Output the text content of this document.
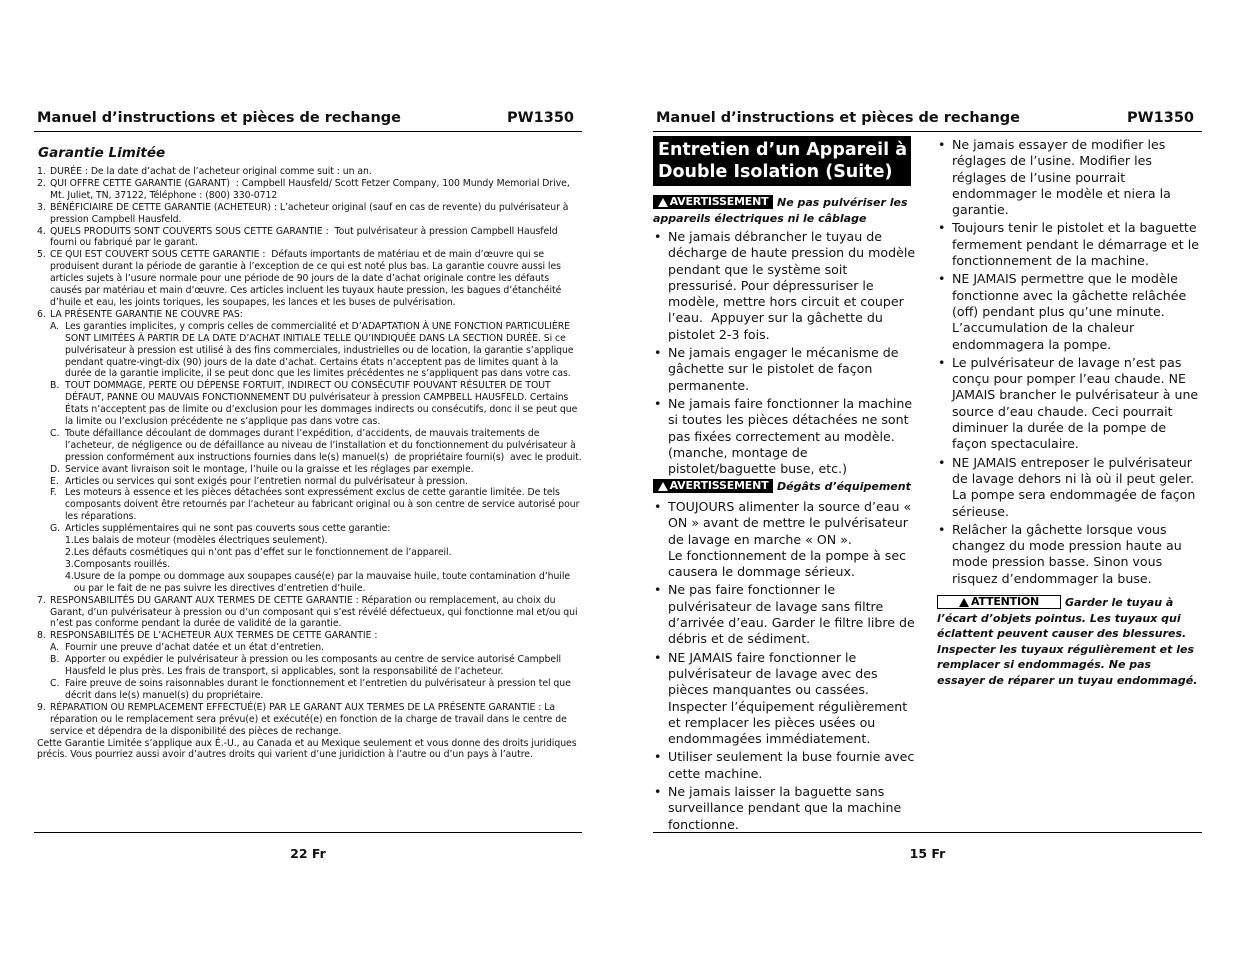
Manuel d’instructions et pièces de rechange	PW1350
Garantie Limitée
1. DURÉE : De la date d’achat de l’acheteur original comme suit : un an.
2. QUI OFFRE CETTE GARANTIE (GARANT)  : Campbell Hausfeld/ Scott Fetzer Company, 100 Mundy Memorial Drive, Mt. Juliet, TN, 37122, Téléphone : (800) 330-0712
3. BÉNÉFICIAIRE DE CETTE GARANTIE (ACHETEUR) : L’acheteur original (sauf en cas de revente) du pulvérisateur à pression Campbell Hausfeld.
4. QUELS PRODUITS SONT COUVERTS SOUS CETTE GARANTIE :  Tout pulvérisateur à pression Campbell Hausfeld fourni ou fabriqué par le garant.
5. CE QUI EST COUVERT SOUS CETTE GARANTIE :  Défauts importants de matériau et de main d’œuvre qui se produisent durant la période de garantie à l’exception de ce qui est noté plus bas. La garantie couvre aussi les articles sujets à l’usure normale pour une période de 90 jours de la date d’achat originale contre les défauts causés par matériau et main d’œuvre. Ces articles incluent les tuyaux haute pression, les bagues d’étanchéité d’huile et eau, les joints toriques, les soupapes, les lances et les buses de pulvérisation.
6. LA PRÉSENTE GARANTIE NE COUVRE PAS:
A. Les garanties implicites, y compris celles de commercialité et D’ADAPTATION À UNE FONCTION PARTICULIÈRE SONT LIMITÉES À PARTIR DE LA DATE D’ACHAT INITIALE TELLE QU’INDIQUÉE DANS LA SECTION DURÉE. Si ce pulvérisateur à pression est utilisé à des fins commerciales, industrielles ou de location, la garantie s’applique pendant quatre-vingt-dix (90) jours de la date d’achat. Certains états n’acceptent pas de limites quant à la durée de la garantie implicite, il se peut donc que les limites précédentes ne s’appliquent pas dans votre cas.
B. TOUT DOMMAGE, PERTE OU DÉPENSE FORTUIT, INDIRECT OU CONSÉCUTIF POUVANT RÉSULTER DE TOUT DÉFAUT, PANNE OU MAUVAIS FONCTIONNEMENT DU pulvérisateur à pression CAMPBELL HAUSFELD. Certains États n’acceptent pas de limite ou d’exclusion pour les dommages indirects ou consécutifs, donc il se peut que la limite ou l’exclusion précédente ne s’applique pas dans votre cas.
C. Toute défaillance découlant de dommages durant l’expédition, d’accidents, de mauvais traitements de l’acheteur, de négligence ou de défaillance au niveau de l’installation et du fonctionnement du pulvérisateur à pression conformément aux instructions fournies dans le(s) manuel(s)  de propriétaire fourni(s)  avec le produit.
D. Service avant livraison soit le montage, l’huile ou la graisse et les réglages par exemple.
E. Articles ou services qui sont exigés pour l’entretien normal du pulvérisateur à pression.
F. Les moteurs à essence et les pièces détachées sont expressément exclus de cette garantie limitée. De tels composants doivent être retournés par l’acheteur au fabricant original ou à son centre de service autorisé pour les réparations.
G. Articles supplémentaires qui ne sont pas couverts sous cette garantie:
1. Les balais de moteur (modèles électriques seulement).
2. Les défauts cosmétiques qui n’ont pas d’effet sur le fonctionnement de l’appareil.
3. Composants rouillés.
4. Usure de la pompe ou dommage aux soupapes causé(e) par la mauvaise huile, toute contamination d’huile ou par le fait de ne pas suivre les directives d’entretien d’huile.
7. RESPONSABILITÉS DU GARANT AUX TERMES DE CETTE GARANTIE : Réparation ou remplacement, au choix du Garant, d’un pulvérisateur à pression ou d’un composant qui s’est révélé défectueux, qui fonctionne mal et/ou qui n’est pas conforme pendant la durée de validité de la garantie.
8. RESPONSABILITÉS DE L’ACHETEUR AUX TERMES DE CETTE GARANTIE :
A. Fournir une preuve d’achat datée et un état d’entretien.
B. Apporter ou expédier le pulvérisateur à pression ou les composants au centre de service autorisé Campbell Hausfeld le plus près. Les frais de transport, si applicables, sont la responsabilité de l’acheteur.
C. Faire preuve de soins raisonnables durant le fonctionnement et l’entretien du pulvérisateur à pression tel que décrit dans le(s) manuel(s) du propriétaire.
9. RÉPARATION OU REMPLACEMENT EFFECTUÉ(E) PAR LE GARANT AUX TERMES DE LA PRÉSENTE GARANTIE : La réparation ou le remplacement sera prévu(e) et exécuté(e) en fonction de la charge de travail dans le centre de service et dépendra de la disponibilité des pièces de rechange.
Cette Garantie Limitée s’applique aux É.-U., au Canada et au Mexique seulement et vous donne des droits juridiques précis. Vous pourriez aussi avoir d’autres droits qui varient d’une juridiction à l’autre ou d’un pays à l’autre.
22 Fr
Manuel d’instructions et pièces de rechange	PW1350
Entretien d’un Appareil à
Double Isolation (Suite)
AVERTISSEMENT Ne pas pulvériser les appareils électriques ni le câblage
• Ne jamais débrancher le tuyau de décharge de haute pression du modèle pendant que le système soit pressurisé. Pour dépressuriser le modèle, mettre hors circuit et couper l’eau.  Appuyer sur la gâchette du pistolet 2-3 fois.
• Ne jamais engager le mécanisme de gâchette sur le pistolet de façon permanente.
• Ne jamais faire fonctionner la machine si toutes les pièces détachées ne sont pas fixées correctement au modèle. (manche, montage de pistolet/baguette buse, etc.)
AVERTISSEMENT Dégâts d’équipement
• TOUJOURS alimenter la source d’eau « ON » avant de mettre le pulvérisateur de lavage en marche « ON ».
Le fonctionnement de la pompe à sec causera le dommage sérieux.
• Ne pas faire fonctionner le pulvérisateur de lavage sans filtre d’arrivée d’eau. Garder le filtre libre de débris et de sédiment.
• NE JAMAIS faire fonctionner le pulvérisateur de lavage avec des pièces manquantes ou cassées. Inspecter l’équipement régulièrement et remplacer les pièces usées ou endommagées immédiatement.
• Utiliser seulement la buse fournie avec cette machine.
• Ne jamais laisser la baguette sans surveillance pendant que la machine fonctionne.
• Ne jamais essayer de modifier les réglages de l’usine. Modifier les réglages de l’usine pourrait endommager le modèle et niera la garantie.
• Toujours tenir le pistolet et la baguette fermement pendant le démarrage et le fonctionnement de la machine.
• NE JAMAIS permettre que le modèle fonctionne avec la gâchette relâchée (off) pendant plus qu’une minute. L’accumulation de la chaleur endommagera la pompe.
• Le pulvérisateur de lavage n’est pas conçu pour pomper l’eau chaude. NE JAMAIS brancher le pulvérisateur à une source d’eau chaude. Ceci pourrait diminuer la durée de la pompe de façon spectaculaire.
• NE JAMAIS entreposer le pulvérisateur de lavage dehors ni là où il peut geler. La pompe sera endommagée de façon sérieuse.
• Relâcher la gâchette lorsque vous changez du mode pression haute au mode pression basse. Sinon vous risquez d’endommager la buse.
ATTENTION Garder le tuyau à l’écart d’objets pointus. Les tuyaux qui éclattent peuvent causer des blessures. Inspecter les tuyaux régulièrement et les remplacer si endommagés. Ne pas essayer de réparer un tuyau endommagé.
15 Fr
